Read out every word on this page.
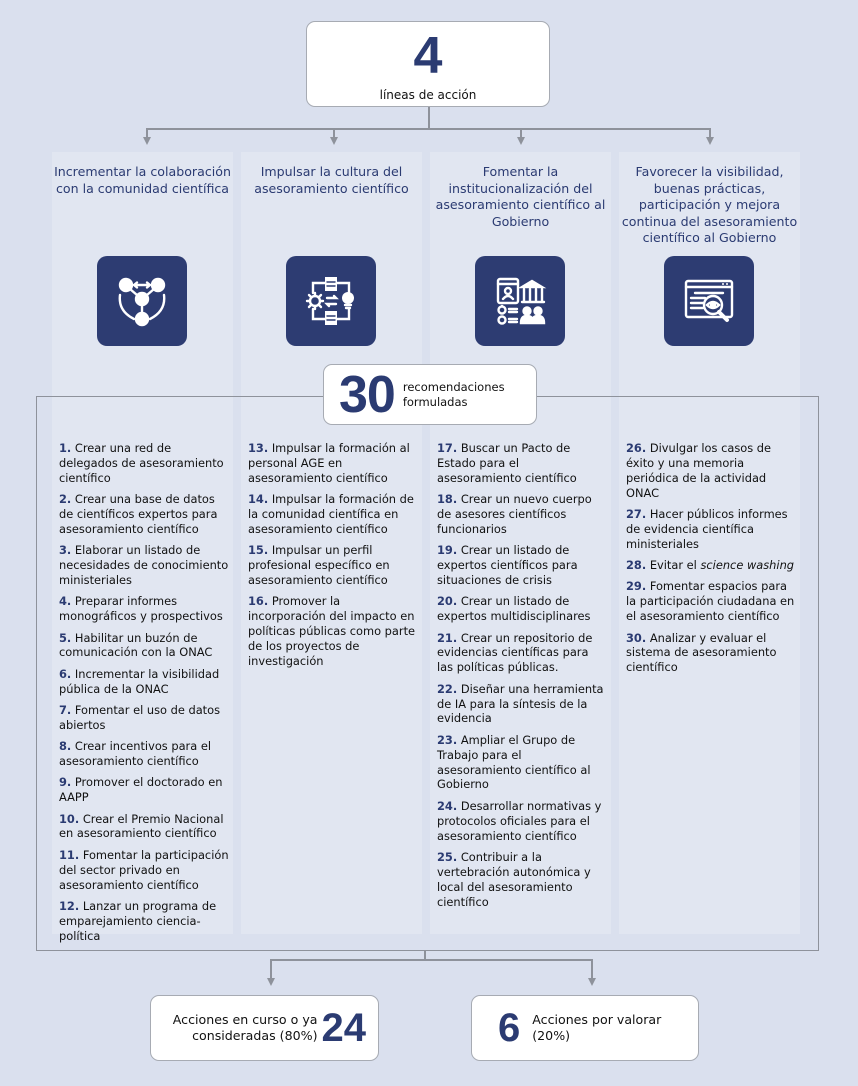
4
líneas de acción
Incrementar la colaboración con la comunidad científica
1. Crear una red de delegados de asesoramiento científico
2. Crear una base de datos de científicos expertos para asesoramiento científico
3. Elaborar un listado de necesidades de conocimiento ministeriales
4. Preparar informes monográficos y prospectivos
5. Habilitar un buzón de comunicación con la ONAC
6. Incrementar la visibilidad pública de la ONAC
7. Fomentar el uso de datos abiertos
8. Crear incentivos para el asesoramiento científico
9. Promover el doctorado en AAPP
10. Crear el Premio Nacional en asesoramiento científico
11. Fomentar la participación del sector privado en asesoramiento científico
12. Lanzar un programa de emparejamiento ciencia-política
Impulsar la cultura del asesoramiento científico
13. Impulsar la formación al personal AGE en asesoramiento científico
14. Impulsar la formación de la comunidad científica en asesoramiento científico
15. Impulsar un perfil profesional específico en asesoramiento científico
16. Promover la incorporación del impacto en políticas públicas como parte de los proyectos de investigación
Fomentar la institucionalización del asesoramiento científico al Gobierno
17. Buscar un Pacto de Estado para el asesoramiento científico
18. Crear un nuevo cuerpo de asesores científicos funcionarios
19. Crear un listado de expertos científicos para situaciones de crisis
20. Crear un listado de expertos multidisciplinares
21. Crear un repositorio de evidencias científicas para las políticas públicas.
22. Diseñar una herramienta de IA para la síntesis de la evidencia
23. Ampliar el Grupo de Trabajo para el asesoramiento científico al Gobierno
24. Desarrollar normativas y protocolos oficiales para el asesoramiento científico
25. Contribuir a la vertebración autonómica y local del asesoramiento científico
Favorecer la visibilidad, buenas prácticas, participación y mejora continua del asesoramiento científico al Gobierno
26. Divulgar los casos de éxito y una memoria periódica de la actividad ONAC
27. Hacer públicos informes de evidencia científica ministeriales
28. Evitar el science washing
29. Fomentar espacios para la participación ciudadana en el asesoramiento científico
30. Analizar y evaluar el sistema de asesoramiento científico
30 recomendaciones
formuladas
Acciones en curso o ya
consideradas (80%) 24	6 Acciones por valorar
(20%)
